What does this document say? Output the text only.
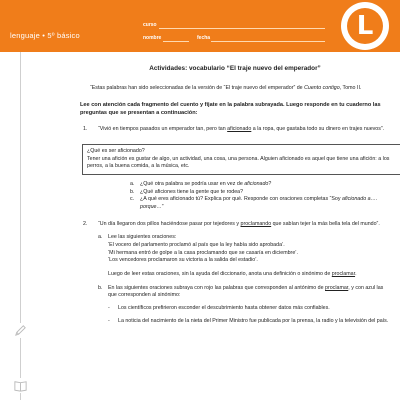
lenguaje • 5º básico
curso
nombre	fecha	L
Actividades: vocabulario “El traje nuevo del emperador”

“Estas palabras han sido seleccionadas de la versión de “El traje nuevo del emperador” de Cuento contigo, Tomo II.

Lee con atención cada fragmento del cuento y fíjate en la palabra subrayada. Luego responde en tu cuaderno las preguntas que se presentan a continuación:

1. “Vivió en tiempos pasados un emperador tan, pero tan aficionado a la ropa, que gastaba todo su dinero en trajes nuevos”.

¿Qué es ser aficionado?

Tener una afición es gustar de algo, un actividad, una cosa, una persona. Alguien aficionado es aquel que tiene una afición: a los perros, a la buena comida, a la música, etc.

a. ¿Qué otra palabra se podría usar en vez de aficionado?
b. ¿Qué aficiones tiene la gente que te rodea?
c. ¿A qué eres aficionado tú? Explica por qué. Responde con oraciones completas “Soy aficionado a…. porque…”
2. “Un día llegaron dos pillos haciéndose pasar por tejedores y proclamando que sabían tejer la más bella tela del mundo”.

a. Lee las siguientes oraciones:

‘El vocero del parlamento proclamó al país que la ley había sido aprobada’.

‘Mi hermana entró de golpe a la casa proclamando que se casaría en diciembre’.

‘Los vencedores proclamaron su victoria a la salida del estadio’.

Luego de leer estas oraciones, sin la ayuda del diccionario, anota una definición o sinónimo de proclamar.

b. En las siguientes oraciones subraya con rojo las palabras que corresponden al antónimo de proclamar, y con azul las que corresponden al sinónimo:

- Los científicos prefirieron esconder el descubrimiento hasta obtener datos más confiables.
- La noticia del nacimiento de la nieta del Primer Ministro fue publicada por la prensa, la radio y la televisión del país.
